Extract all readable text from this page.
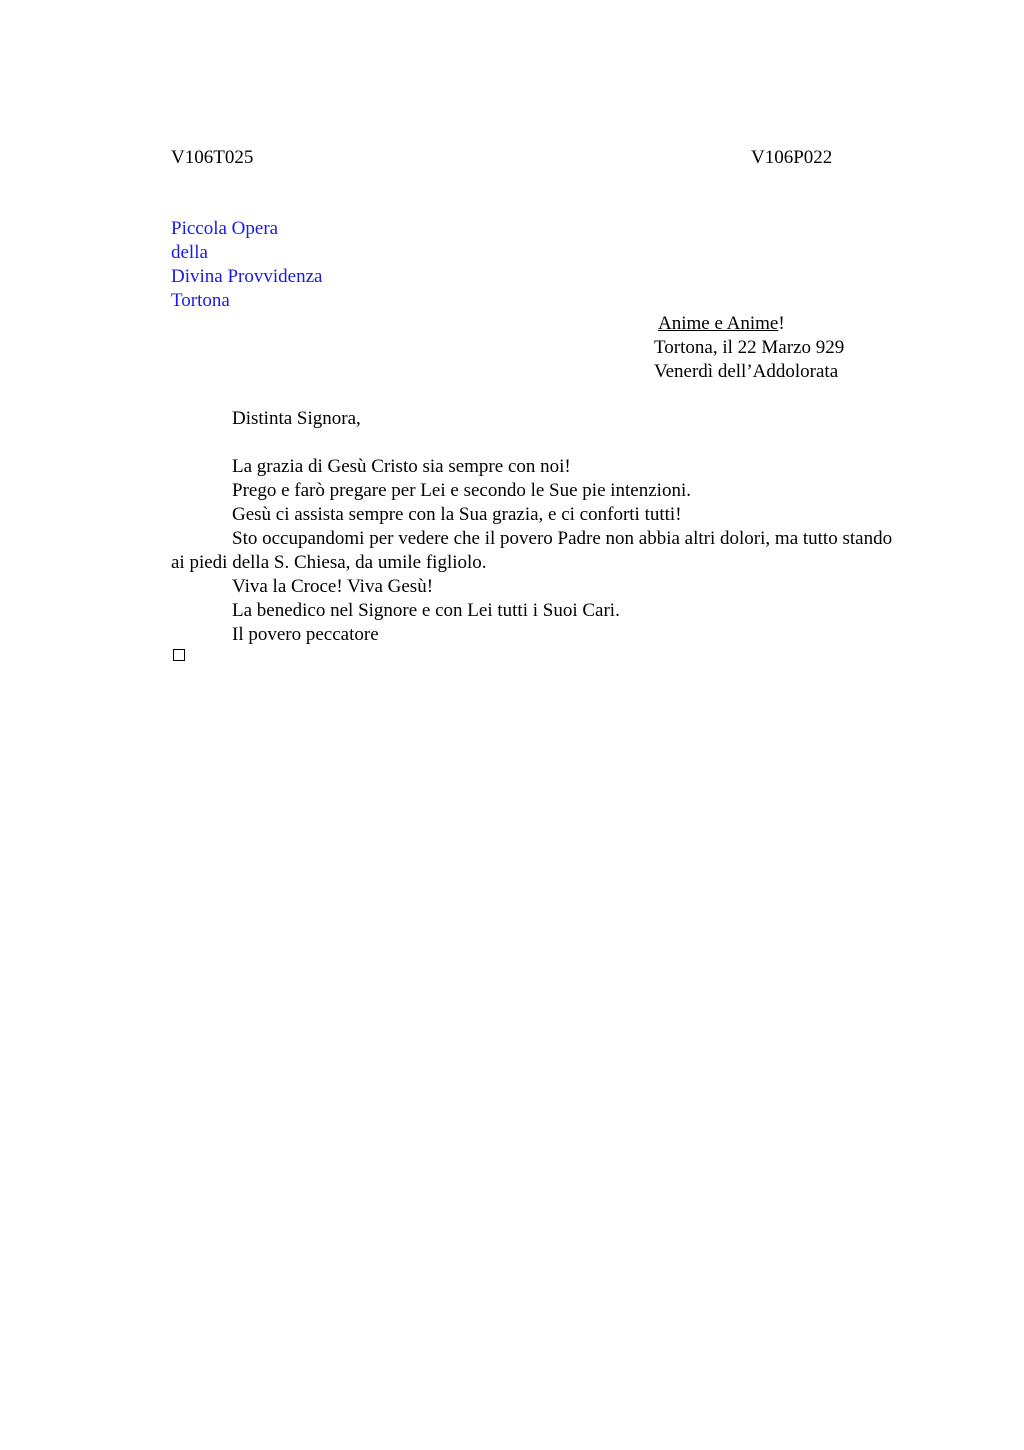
V106T025	V106P022
Piccola Opera
della
Divina Provvidenza
Tortona
Anime e Anime!
Tortona, il 22 Marzo 929
Venerdì dell’Addolorata
Distinta Signora,
La grazia di Gesù Cristo sia sempre con noi!
Prego e farò pregare per Lei e secondo le Sue pie intenzioni.
Gesù ci assista sempre con la Sua grazia, e ci conforti tutti!
Sto occupandomi per vedere che il povero Padre non abbia altri dolori, ma tutto stando ai piedi della S. Chiesa, da umile figliolo.
Viva la Croce! Viva Gesù!
La benedico nel Signore e con Lei tutti i Suoi Cari.
Il povero peccatore
